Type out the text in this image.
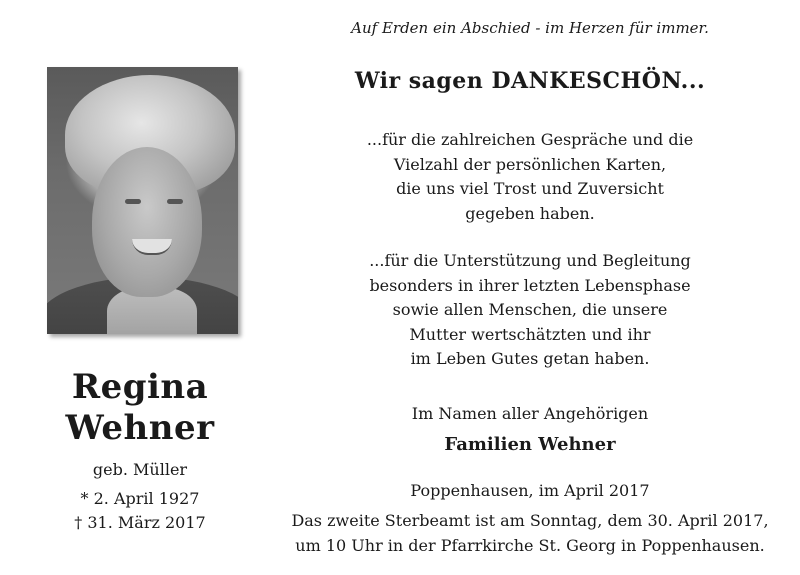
Regina
Wehner
geb. Müller
* 2. April 1927
† 31. März 2017
Auf Erden ein Abschied - im Herzen für immer.
Wir sagen DANKESCHÖN...
...für die zahlreichen Gespräche und die
Vielzahl der persönlichen Karten,
die uns viel Trost und Zuversicht
gegeben haben.
...für die Unterstützung und Begleitung
besonders in ihrer letzten Lebensphase
sowie allen Menschen, die unsere
Mutter wertschätzten und ihr
im Leben Gutes getan haben.
Im Namen aller Angehörigen
Familien Wehner
Poppenhausen, im April 2017
Das zweite Sterbeamt ist am Sonntag, dem 30. April 2017,
um 10 Uhr in der Pfarrkirche St. Georg in Poppenhausen.
